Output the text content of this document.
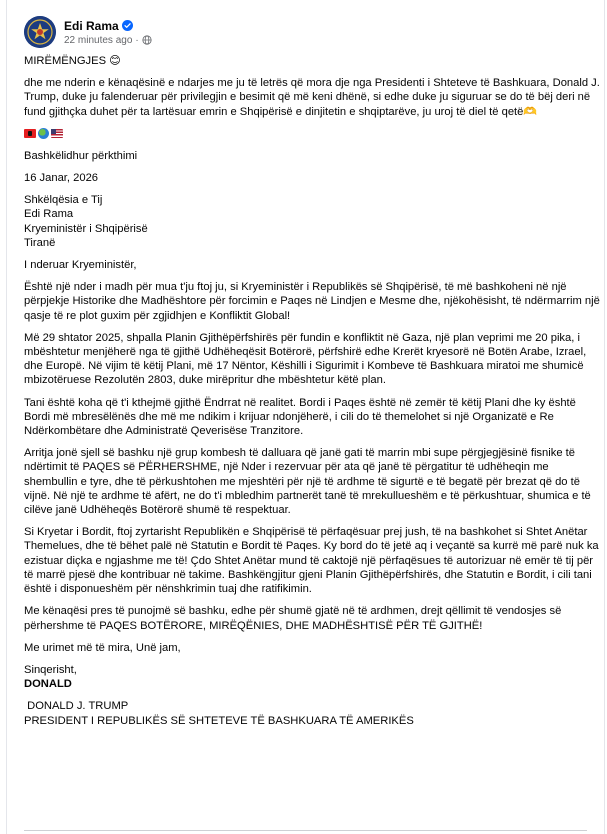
Edi Rama
22 minutes ago ·

MIRËMËNGJES 😊

dhe me nderin e kënaqësinë e ndarjes me ju të letrës që mora dje nga Presidenti i Shteteve të Bashkuara, Donald J. Trump, duke ju falenderuar për privilegjin e besimit që më keni dhënë, si edhe duke ju siguruar se do të bëj deri në fund gjithçka duhet për ta lartësuar emrin e Shqipërisë e dinjitetin e shqiptarëve, ju uroj të diel të qetë🫶

Bashkëlidhur përkthimi

16 Janar, 2026

Shkëlqësia e Tij

Edi Rama

Kryeministër i Shqipërisë

Tiranë

I nderuar Kryeministër,

Është një nder i madh për mua t'ju ftoj ju, si Kryeministër i Republikës së Shqipërisë, të më bashkoheni në një përpjekje Historike dhe Madhështore për forcimin e Paqes në Lindjen e Mesme dhe, njëkohësisht, të ndërmarrim një qasje të re plot guxim për zgjidhjen e Konfliktit Global!

Më 29 shtator 2025, shpalla Planin Gjithëpërfshirës për fundin e konfliktit në Gaza, një plan veprimi me 20 pika, i mbështetur menjëherë nga të gjithë Udhëheqësit Botërorë, përfshirë edhe Krerët kryesorë në Botën Arabe, Izrael, dhe Europë. Në vijim të këtij Plani, më 17 Nëntor, Këshilli i Sigurimit i Kombeve të Bashkuara miratoi me shumicë mbizotëruese Rezolutën 2803, duke mirëpritur dhe mbështetur këtë plan.

Tani është koha që t'i kthejmë gjithë Ëndrrat në realitet. Bordi i Paqes është në zemër të këtij Plani dhe ky është Bordi më mbresëlënës dhe më me ndikim i krijuar ndonjëherë, i cili do të themelohet si një Organizatë e Re Ndërkombëtare dhe Administratë Qeverisëse Tranzitore.

Arritja jonë sjell së bashku një grup kombesh të dalluara që janë gati të marrin mbi supe përgjegjësinë fisnike të ndërtimit të PAQES së PËRHERSHME, një Nder i rezervuar për ata që janë të përgatitur të udhëheqin me shembullin e tyre, dhe të përkushtohen me mjeshtëri për një të ardhme të sigurtë e të begatë për brezat që do të vijnë. Në një te ardhme të afërt, ne do t'i mbledhim partnerët tanë të mrekullueshëm e të përkushtuar, shumica e të cilëve janë Udhëheqës Botërorë shumë të respektuar.

Si Kryetar i Bordit, ftoj zyrtarisht Republikën e Shqipërisë të përfaqësuar prej jush, të na bashkohet si Shtet Anëtar Themelues, dhe të bëhet palë në Statutin e Bordit të Paqes. Ky bord do të jetë aq i veçantë sa kurrë më parë nuk ka ezistuar diçka e ngjashme me të! Çdo Shtet Anëtar mund të caktojë një përfaqësues të autorizuar në emër të tij për të marrë pjesë dhe kontribuar në takime. Bashkëngjitur gjeni Planin Gjithëpërfshirës, dhe Statutin e Bordit, i cili tani është i disponueshëm për nënshkrimin tuaj dhe ratifikimin.

Me kënaqësi pres të punojmë së bashku, edhe për shumë gjatë në të ardhmen, drejt qëllimit të vendosjes së përhershme të PAQES BOTËRORE, MIRËQËNIES, DHE MADHËSHTISË PËR TË GJITHË!

Me urimet më të mira, Unë jam,

Sinqerisht,

DONALD

DONALD J. TRUMP

PRESIDENT I REPUBLIKËS SË SHTETEVE TË BASHKUARA TË AMERIKËS
